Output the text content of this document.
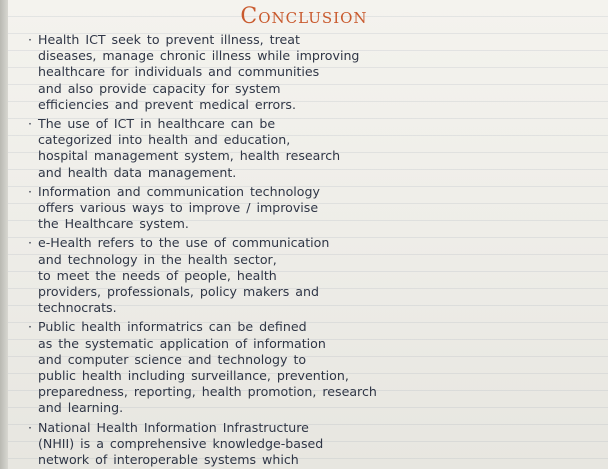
Conclusion
· Health ICT seek to prevent illness, treat
diseases, manage chronic illness while improving
healthcare for individuals and communities
and also provide capacity for system
efficiencies and prevent medical errors.
· The use of ICT in healthcare can be
categorized into health and education,
hospital management system, health research
and health data management.
· Information and communication technology
offers various ways to improve / improvise
the Healthcare system.
· e-Health refers to the use of communication
and technology in the health sector,
to meet the needs of people, health
providers, professionals, policy makers and
technocrats.
· Public health informatrics can be defined
as the systematic application of information
and computer science and technology to
public health including surveillance, prevention,
preparedness, reporting, health promotion, research
and learning.
· National Health Information Infrastructure
(NHII) is a comprehensive knowledge-based
network of interoperable systems which
